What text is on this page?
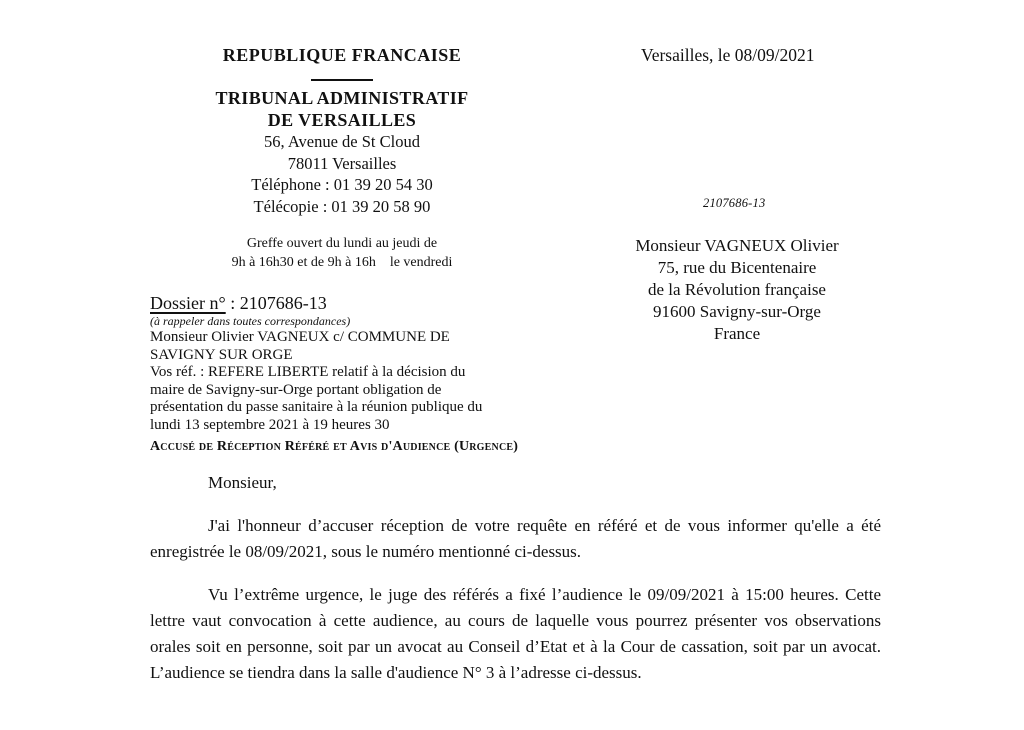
REPUBLIQUE FRANCAISE
TRIBUNAL ADMINISTRATIF
DE VERSAILLES
56, Avenue de St Cloud
78011 Versailles
Téléphone : 01 39 20 54 30
Télécopie : 01 39 20 58 90
Greffe ouvert du lundi au jeudi de
9h à 16h30 et de 9h à 16h    le vendredi
Versailles, le 08/09/2021
2107686-13
Monsieur VAGNEUX Olivier
75, rue du Bicentenaire
de la Révolution française
91600 Savigny-sur-Orge
France
Dossier n° : 2107686-13
(à rappeler dans toutes correspondances)
Monsieur Olivier VAGNEUX c/ COMMUNE DE
SAVIGNY SUR ORGE
Vos réf. : REFERE LIBERTE relatif à la décision du
maire de Savigny-sur-Orge portant obligation de
présentation du passe sanitaire à la réunion publique du
lundi 13 septembre 2021 à 19 heures 30
Accusé de Réception Référé et Avis d'Audience (Urgence)

Monsieur,

J'ai l'honneur d’accuser réception de votre requête en référé et de vous informer qu'elle a été enregistrée le 08/09/2021, sous le numéro mentionné ci-dessus.

Vu l’extrême urgence, le juge des référés a fixé l’audience le 09/09/2021 à 15:00 heures. Cette lettre vaut convocation à cette audience, au cours de laquelle vous pourrez présenter vos observations orales soit en personne, soit par un avocat au Conseil d’Etat et à la Cour de cassation, soit par un avocat. L’audience se tiendra dans la salle d'audience N° 3 à l’adresse ci-dessus.
